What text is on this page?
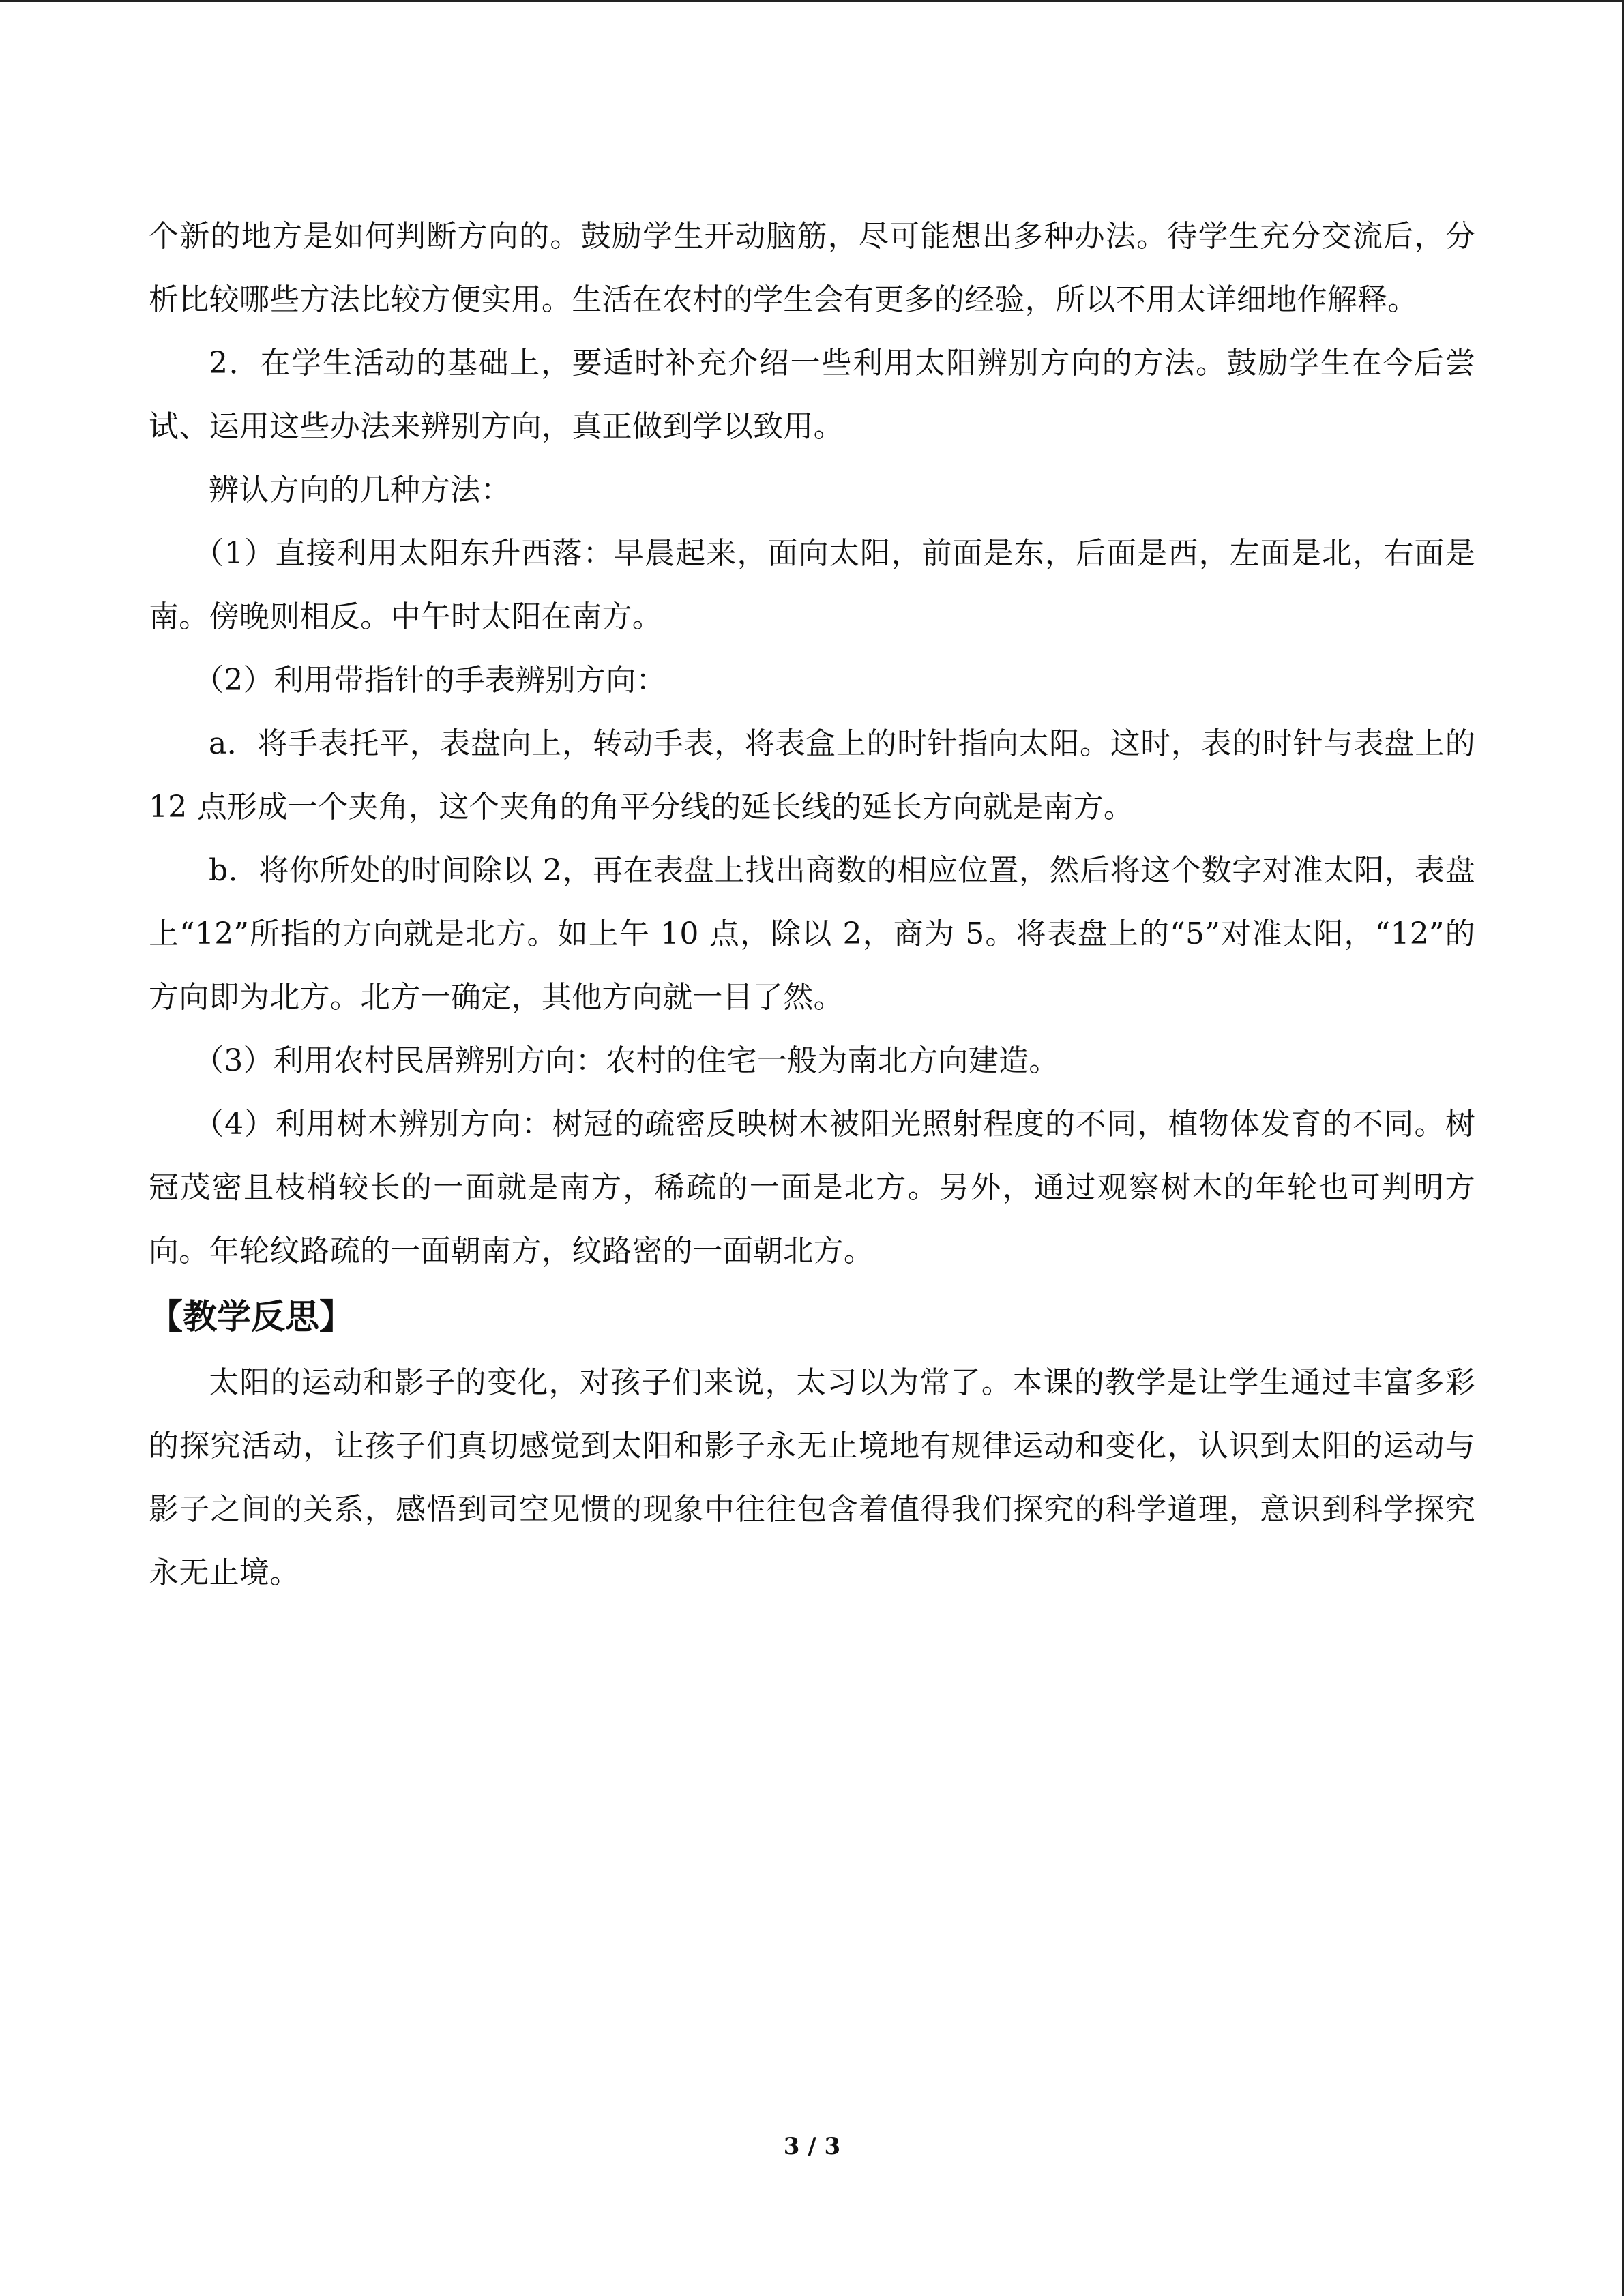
个新的地方是如何判断方向的。鼓励学生开动脑筋，尽可能想出多种办法。待学生充分交流后，分析比较哪些方法比较方便实用。生活在农村的学生会有更多的经验，所以不用太详细地作解释。

2．在学生活动的基础上，要适时补充介绍一些利用太阳辨别方向的方法。鼓励学生在今后尝试、运用这些办法来辨别方向，真正做到学以致用。

辨认方向的几种方法：

（1）直接利用太阳东升西落：早晨起来，面向太阳，前面是东，后面是西，左面是北，右面是南。傍晚则相反。中午时太阳在南方。

（2）利用带指针的手表辨别方向：

a．将手表托平，表盘向上，转动手表，将表盒上的时针指向太阳。这时，表的时针与表盘上的 12 点形成一个夹角，这个夹角的角平分线的延长线的延长方向就是南方。

b．将你所处的时间除以 2，再在表盘上找出商数的相应位置，然后将这个数字对准太阳，表盘上“12”所指的方向就是北方。如上午 10 点，除以 2，商为 5。将表盘上的“5”对准太阳，“12”的方向即为北方。北方一确定，其他方向就一目了然。

（3）利用农村民居辨别方向：农村的住宅一般为南北方向建造。

（4）利用树木辨别方向：树冠的疏密反映树木被阳光照射程度的不同，植物体发育的不同。树冠茂密且枝梢较长的一面就是南方，稀疏的一面是北方。另外，通过观察树木的年轮也可判明方向。年轮纹路疏的一面朝南方，纹路密的一面朝北方。

【教学反思】

太阳的运动和影子的变化，对孩子们来说，太习以为常了。本课的教学是让学生通过丰富多彩的探究活动，让孩子们真切感觉到太阳和影子永无止境地有规律运动和变化，认识到太阳的运动与影子之间的关系，感悟到司空见惯的现象中往往包含着值得我们探究的科学道理，意识到科学探究永无止境。

3 / 3
